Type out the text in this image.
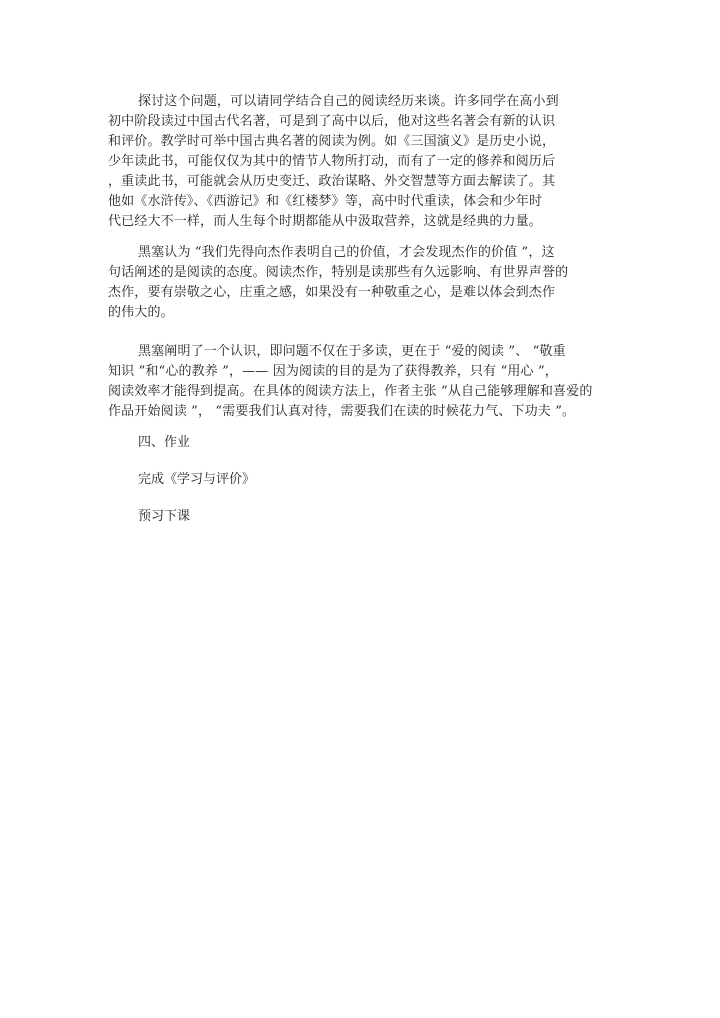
探讨这个问题，可以请同学结合自己的阅读经历来谈。许多同学在高小到
初中阶段读过中国古代名著，可是到了高中以后，他对这些名著会有新的认识
和评价。教学时可举中国古典名著的阅读为例。如《三国演义》是历史小说，
少年读此书，可能仅仅为其中的情节人物所打动，而有了一定的修养和阅历后
，重读此书，可能就会从历史变迁、政治谋略、外交智慧等方面去解读了。其
他如《水浒传》、《西游记》和《红楼梦》等，高中时代重读，体会和少年时
代已经大不一样，而人生每个时期都能从中汲取营养，这就是经典的力量。
黑塞认为 “我们先得向杰作表明自己的价值，才会发现杰作的价值 ”，这
句话阐述的是阅读的态度。阅读杰作，特别是读那些有久远影响、有世界声誉的
杰作，要有崇敬之心，庄重之感，如果没有一种敬重之心，是难以体会到杰作
的伟大的。
黑塞阐明了一个认识，即问题不仅在于多读，更在于 “爱的阅读 ”、 “敬重
知识 ”和“心的教养 ”，—— 因为阅读的目的是为了获得教养，只有 “用心 ”，
阅读效率才能得到提高。在具体的阅读方法上，作者主张 “从自己能够理解和喜爱的
作品开始阅读 ”， “需要我们认真对待，需要我们在读的时候花力气、下功夫 ”。
四、作业
完成《学习与评价》
预习下课
